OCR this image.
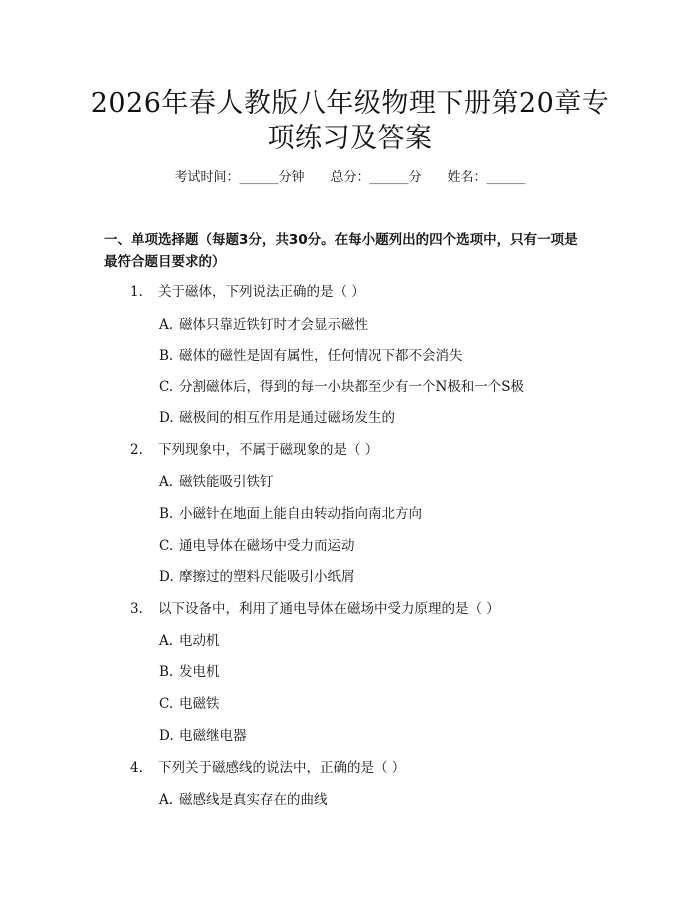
2026年春人教版八年级物理下册第20章专
项练习及答案
考试时间：______分钟 总分：______分 姓名：______
一、单项选择题（每题3分，共30分。在每小题列出的四个选项中，只有一项是
最符合题目要求的）
1. 关于磁体，下列说法正确的是（ ）
A. 磁体只靠近铁钉时才会显示磁性
B. 磁体的磁性是固有属性，任何情况下都不会消失
C. 分割磁体后，得到的每一小块都至少有一个N极和一个S极
D. 磁极间的相互作用是通过磁场发生的
2. 下列现象中，不属于磁现象的是（ ）
A. 磁铁能吸引铁钉
B. 小磁针在地面上能自由转动指向南北方向
C. 通电导体在磁场中受力而运动
D. 摩擦过的塑料尺能吸引小纸屑
3. 以下设备中，利用了通电导体在磁场中受力原理的是（ ）
A. 电动机
B. 发电机
C. 电磁铁
D. 电磁继电器
4. 下列关于磁感线的说法中，正确的是（ ）
A. 磁感线是真实存在的曲线
